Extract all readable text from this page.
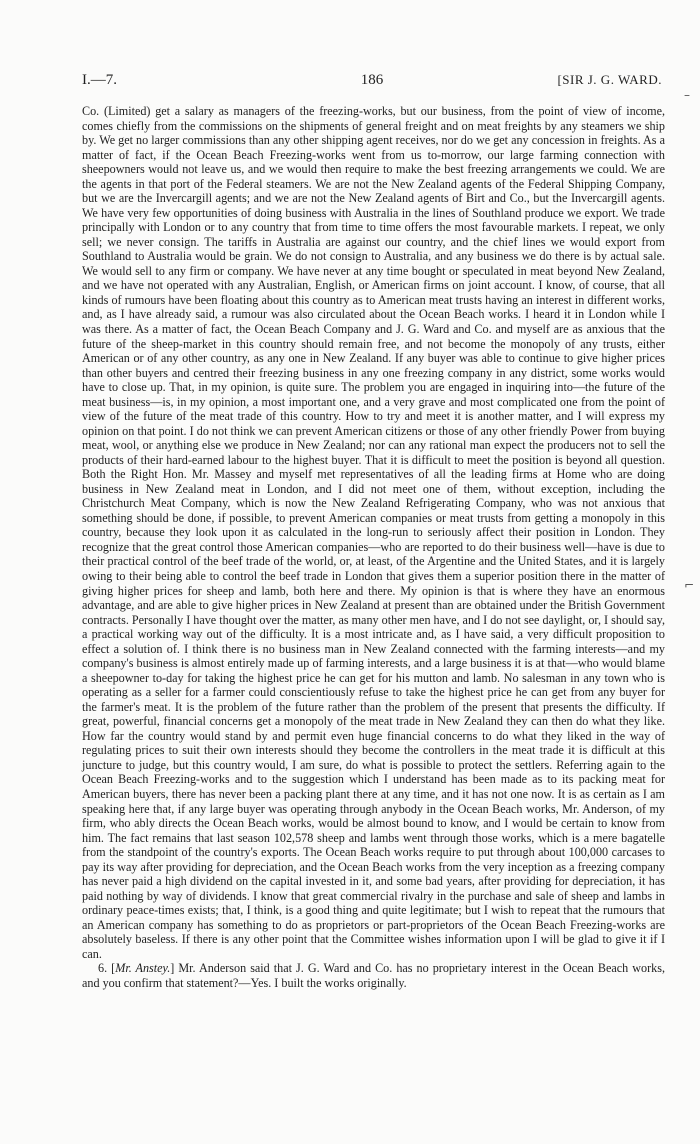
I.—7.	186	[SIR J. G. WARD.
–
⌐

Co. (Limited) get a salary as managers of the freezing-works, but our business, from the point of view of income, comes chiefly from the commissions on the shipments of general freight and on meat freights by any steamers we ship by. We get no larger commissions than any other shipping agent receives, nor do we get any concession in freights. As a matter of fact, if the Ocean Beach Freezing-works went from us to-morrow, our large farming connection with sheepowners would not leave us, and we would then require to make the best freezing arrangements we could. We are the agents in that port of the Federal steamers. We are not the New Zealand agents of the Federal Shipping Company, but we are the Invercargill agents; and we are not the New Zealand agents of Birt and Co., but the Invercargill agents. We have very few opportunities of doing business with Australia in the lines of Southland produce we export. We trade principally with London or to any country that from time to time offers the most favourable markets. I repeat, we only sell; we never consign. The tariffs in Australia are against our country, and the chief lines we would export from Southland to Australia would be grain. We do not consign to Australia, and any business we do there is by actual sale. We would sell to any firm or company. We have never at any time bought or speculated in meat beyond New Zealand, and we have not operated with any Australian, English, or American firms on joint account. I know, of course, that all kinds of rumours have been floating about this country as to American meat trusts having an interest in different works, and, as I have already said, a rumour was also circulated about the Ocean Beach works. I heard it in London while I was there. As a matter of fact, the Ocean Beach Company and J. G. Ward and Co. and myself are as anxious that the future of the sheep-market in this country should remain free, and not become the monopoly of any trusts, either American or of any other country, as any one in New Zealand. If any buyer was able to continue to give higher prices than other buyers and centred their freezing business in any one freezing company in any district, some works would have to close up. That, in my opinion, is quite sure. The problem you are engaged in inquiring into—the future of the meat business—is, in my opinion, a most important one, and a very grave and most complicated one from the point of view of the future of the meat trade of this country. How to try and meet it is another matter, and I will express my opinion on that point. I do not think we can prevent American citizens or those of any other friendly Power from buying meat, wool, or anything else we produce in New Zealand; nor can any rational man expect the producers not to sell the products of their hard-earned labour to the highest buyer. That it is difficult to meet the position is beyond all question. Both the Right Hon. Mr. Massey and myself met representatives of all the leading firms at Home who are doing business in New Zealand meat in London, and I did not meet one of them, without exception, including the Christchurch Meat Company, which is now the New Zealand Refrigerating Company, who was not anxious that something should be done, if possible, to prevent American companies or meat trusts from getting a monopoly in this country, because they look upon it as calculated in the long-run to seriously affect their position in London. They recognize that the great control those American companies—who are reported to do their business well—have is due to their practical control of the beef trade of the world, or, at least, of the Argentine and the United States, and it is largely owing to their being able to control the beef trade in London that gives them a superior position there in the matter of giving higher prices for sheep and lamb, both here and there. My opinion is that is where they have an enormous advantage, and are able to give higher prices in New Zealand at present than are obtained under the British Government contracts. Personally I have thought over the matter, as many other men have, and I do not see daylight, or, I should say, a practical working way out of the difficulty. It is a most intricate and, as I have said, a very difficult proposition to effect a solution of. I think there is no business man in New Zealand connected with the farming interests—and my company's business is almost entirely made up of farming interests, and a large business it is at that—who would blame a sheepowner to-day for taking the highest price he can get for his mutton and lamb. No salesman in any town who is operating as a seller for a farmer could conscientiously refuse to take the highest price he can get from any buyer for the farmer's meat. It is the problem of the future rather than the problem of the present that presents the difficulty. If great, powerful, financial concerns get a monopoly of the meat trade in New Zealand they can then do what they like. How far the country would stand by and permit even huge financial concerns to do what they liked in the way of regulating prices to suit their own interests should they become the controllers in the meat trade it is difficult at this juncture to judge, but this country would, I am sure, do what is possible to protect the settlers. Referring again to the Ocean Beach Freezing-works and to the suggestion which I understand has been made as to its packing meat for American buyers, there has never been a packing plant there at any time, and it has not one now. It is as certain as I am speaking here that, if any large buyer was operating through anybody in the Ocean Beach works, Mr. Anderson, of my firm, who ably directs the Ocean Beach works, would be almost bound to know, and I would be certain to know from him. The fact remains that last season 102,578 sheep and lambs went through those works, which is a mere bagatelle from the standpoint of the country's exports. The Ocean Beach works require to put through about 100,000 carcases to pay its way after providing for depreciation, and the Ocean Beach works from the very inception as a freezing company has never paid a high dividend on the capital invested in it, and some bad years, after providing for depreciation, it has paid nothing by way of dividends. I know that great commercial rivalry in the purchase and sale of sheep and lambs in ordinary peace-times exists; that, I think, is a good thing and quite legitimate; but I wish to repeat that the rumours that an American company has something to do as proprietors or part-proprietors of the Ocean Beach Freezing-works are absolutely baseless. If there is any other point that the Committee wishes information upon I will be glad to give it if I can.

6. [Mr. Anstey.] Mr. Anderson said that J. G. Ward and Co. has no proprietary interest in the Ocean Beach works, and you confirm that statement?—Yes. I built the works originally.
